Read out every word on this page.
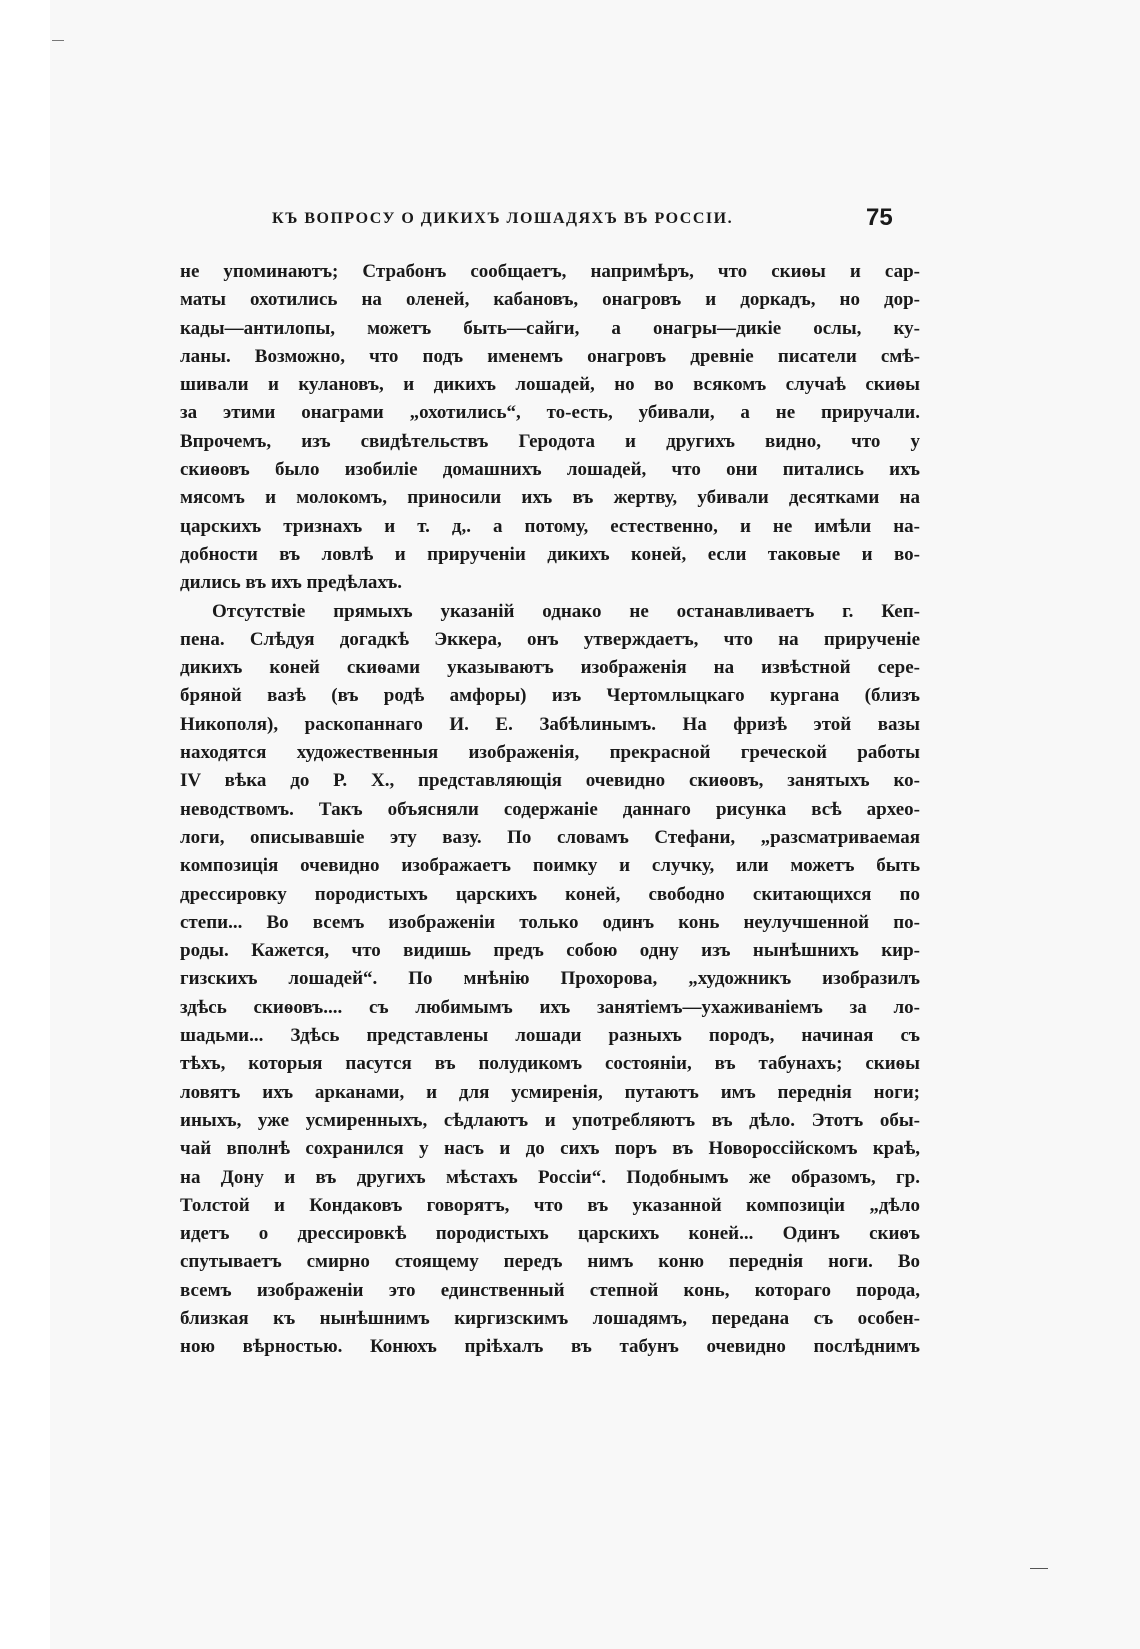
КЪ ВОПРОСУ О ДИКИХЪ ЛОШАДЯХЪ ВЪ РОССІИ.	75
не упоминаютъ; Страбонъ сообщаетъ, напримѣръ, что скиѳы и сар-
маты охотились на оленей, кабановъ, онагровъ и доркадъ, но дор-
кады—антилопы, можетъ быть—сайги, а онагры—дикіе ослы, ку-
ланы. Возможно, что подъ именемъ онагровъ древніе писатели смѣ-
шивали и кулановъ, и дикихъ лошадей, но во всякомъ случаѣ скиѳы
за этими онаграми „охотились“, то-есть, убивали, а не приручали.
Впрочемъ, изъ свидѣтельствъ Геродота и другихъ видно, что у
скиѳовъ было изобиліе домашнихъ лошадей, что они питались ихъ
мясомъ и молокомъ, приносили ихъ въ жертву, убивали десятками на
царскихъ тризнахъ и т. д,. а потому, естественно, и не имѣли на-
добности въ ловлѣ и прирученіи дикихъ коней, если таковые и во-
дились въ ихъ предѣлахъ.
Отсутствіе прямыхъ указаній однако не останавливаетъ г. Кеп-
пена. Слѣдуя догадкѣ Эккера, онъ утверждаетъ, что на прирученіе
дикихъ коней скиѳами указываютъ изображенія на извѣстной сере-
бряной вазѣ (въ родѣ амфоры) изъ Чертомлыцкаго кургана (близъ
Никополя), раскопаннаго И. Е. Забѣлинымъ. На фризѣ этой вазы
находятся художественныя изображенія, прекрасной греческой работы
IV вѣка до Р. Х., представляющія очевидно скиѳовъ, занятыхъ ко-
неводствомъ. Такъ объясняли содержаніе даннаго рисунка всѣ архео-
логи, описывавшіе эту вазу. По словамъ Стефани, „разсматриваемая
композиція очевидно изображаетъ поимку и случку, или можетъ быть
дрессировку породистыхъ царскихъ коней, свободно скитающихся по
степи... Во всемъ изображеніи только одинъ конь неулучшенной по-
роды. Кажется, что видишь предъ собою одну изъ нынѣшнихъ кир-
гизскихъ лошадей“. По мнѣнію Прохорова, „художникъ изобразилъ
здѣсь скиѳовъ.... съ любимымъ ихъ занятіемъ—ухаживаніемъ за ло-
шадьми... Здѣсь представлены лошади разныхъ породъ, начиная съ
тѣхъ, которыя пасутся въ полудикомъ состояніи, въ табунахъ; скиѳы
ловятъ ихъ арканами, и для усмиренія, путаютъ имъ переднія ноги;
иныхъ, уже усмиренныхъ, сѣдлаютъ и употребляютъ въ дѣло. Этотъ обы-
чай вполнѣ сохранился у насъ и до сихъ поръ въ Новороссійскомъ краѣ,
на Дону и въ другихъ мѣстахъ Россіи“. Подобнымъ же образомъ, гр.
Толстой и Кондаковъ говорятъ, что въ указанной композиціи „дѣло
идетъ о дрессировкѣ породистыхъ царскихъ коней... Одинъ скиѳъ
спутываетъ смирно стоящему передъ нимъ коню переднія ноги. Во
всемъ изображеніи это единственный степной конь, котораго порода,
близкая къ нынѣшнимъ киргизскимъ лошадямъ, передана съ особен-
ною вѣрностью. Конюхъ пріѣхалъ въ табунъ очевидно послѣднимъ
